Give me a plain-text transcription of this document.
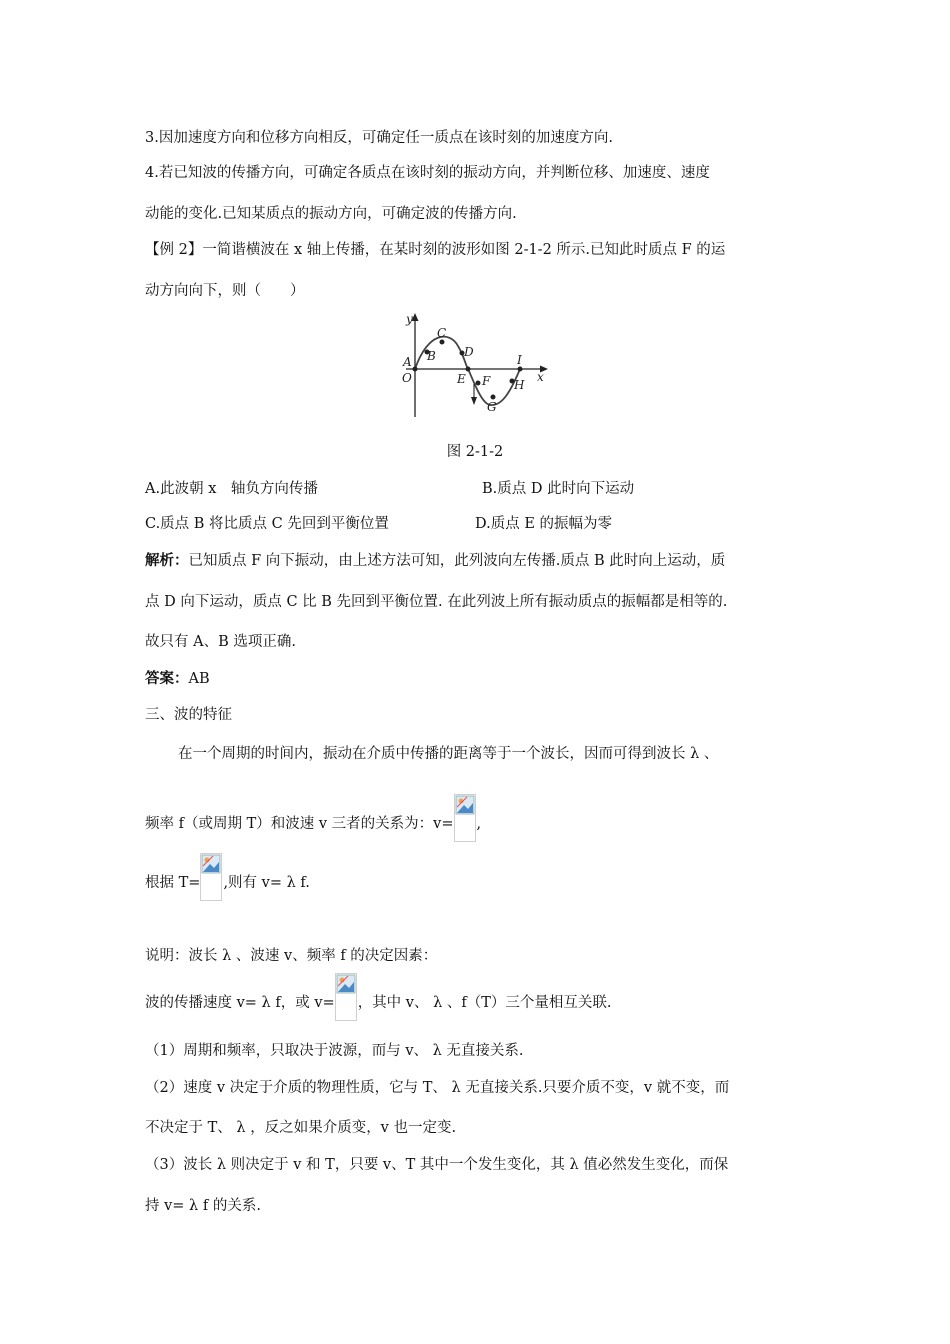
3.因加速度方向和位移方向相反，可确定任一质点在该时刻的加速度方向.
4.若已知波的传播方向，可确定各质点在该时刻的振动方向，并判断位移、加速度、速度
动能的变化.已知某质点的振动方向，可确定波的传播方向.
【例 2】一简谐横波在 x 轴上传播，在某时刻的波形如图 2-1-2 所示.已知此时质点 F 的运
动方向向下，则（　　）
y
x
O
A B
C
D
E F
G
H
I
图 2-1-2
A.此波朝 x　轴负方向传播	B.质点 D 此时向下运动
C.质点 B 将比质点 C 先回到平衡位置	D.质点 E 的振幅为零
解析：已知质点 F 向下振动，由上述方法可知，此列波向左传播.质点 B 此时向上运动，质
点 D 向下运动，质点 C 比 B 先回到平衡位置. 在此列波上所有振动质点的振幅都是相等的.
故只有 A、B 选项正确.
答案：AB
三、波的特征
在一个周期的时间内，振动在介质中传播的距离等于一个波长，因而可得到波长 λ 、
频率 f（或周期 T）和波速 v 三者的关系为：v= ,
根据 T= ,则有 v= λ f.
说明：波长 λ 、波速 v、频率 f 的决定因素：
波的传播速度 v= λ f，或 v= ，其中 v、 λ 、f（T）三个量相互关联.
（1）周期和频率，只取决于波源，而与 v、 λ 无直接关系.
（2）速度 v 决定于介质的物理性质，它与 T、 λ 无直接关系.只要介质不变，v 就不变，而
不决定于 T、 λ ，反之如果介质变，v 也一定变.
（3）波长 λ 则决定于 v 和 T，只要 v、T 其中一个发生变化，其 λ 值必然发生变化，而保
持 v= λ f 的关系.
